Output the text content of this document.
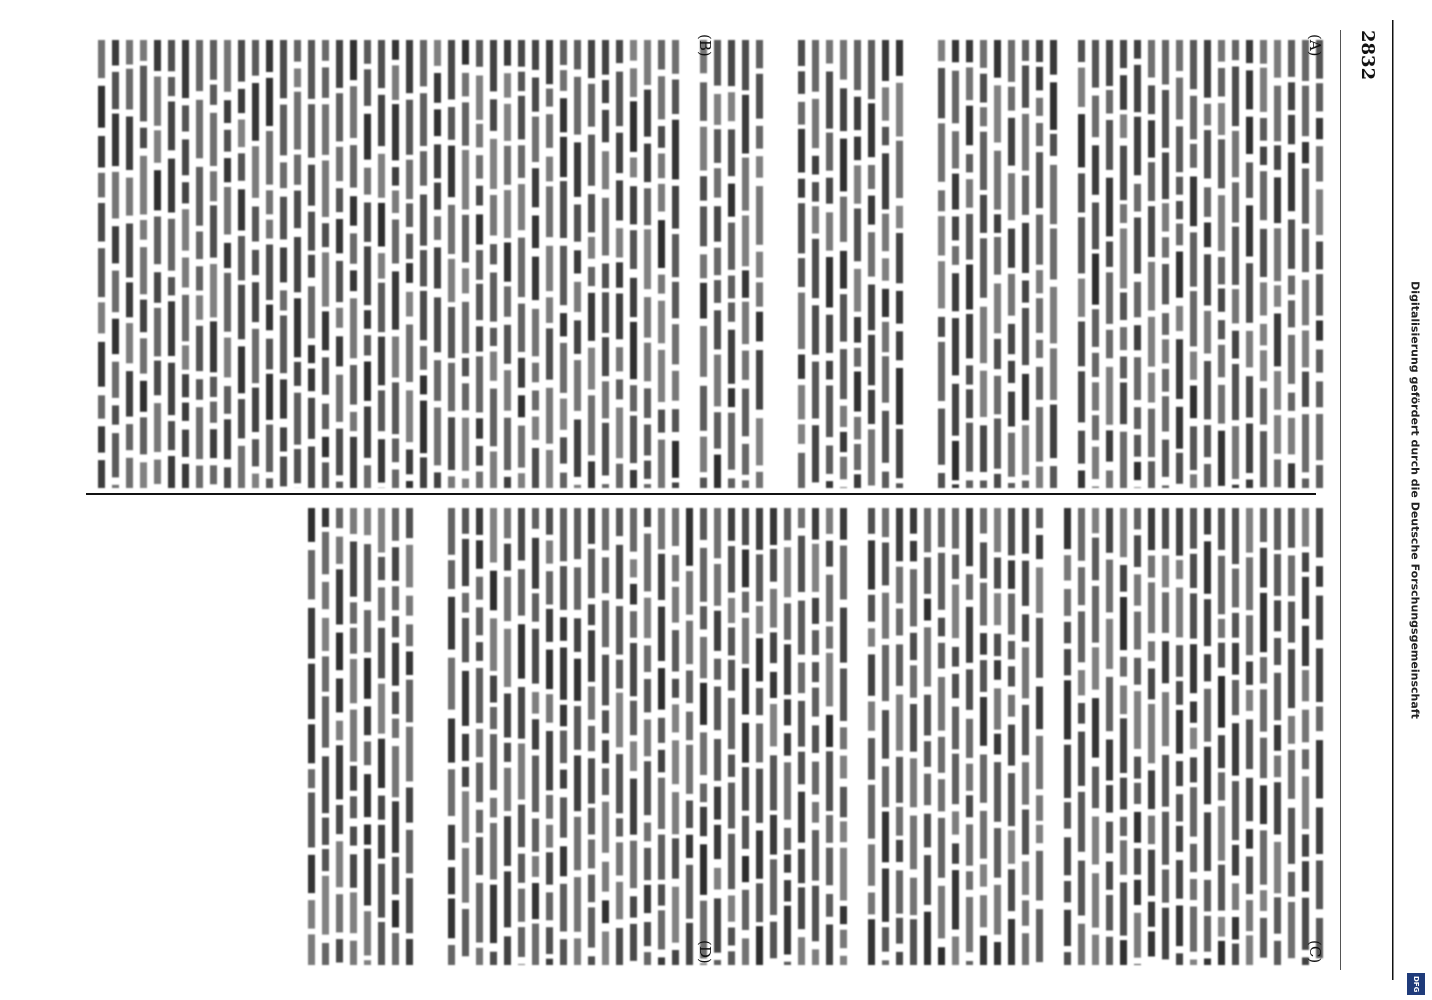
2832
(A)
(B)
(C)
(D)
Digitalisierung gefördert durch die Deutsche Forschungsgemeinschaft
DFG
